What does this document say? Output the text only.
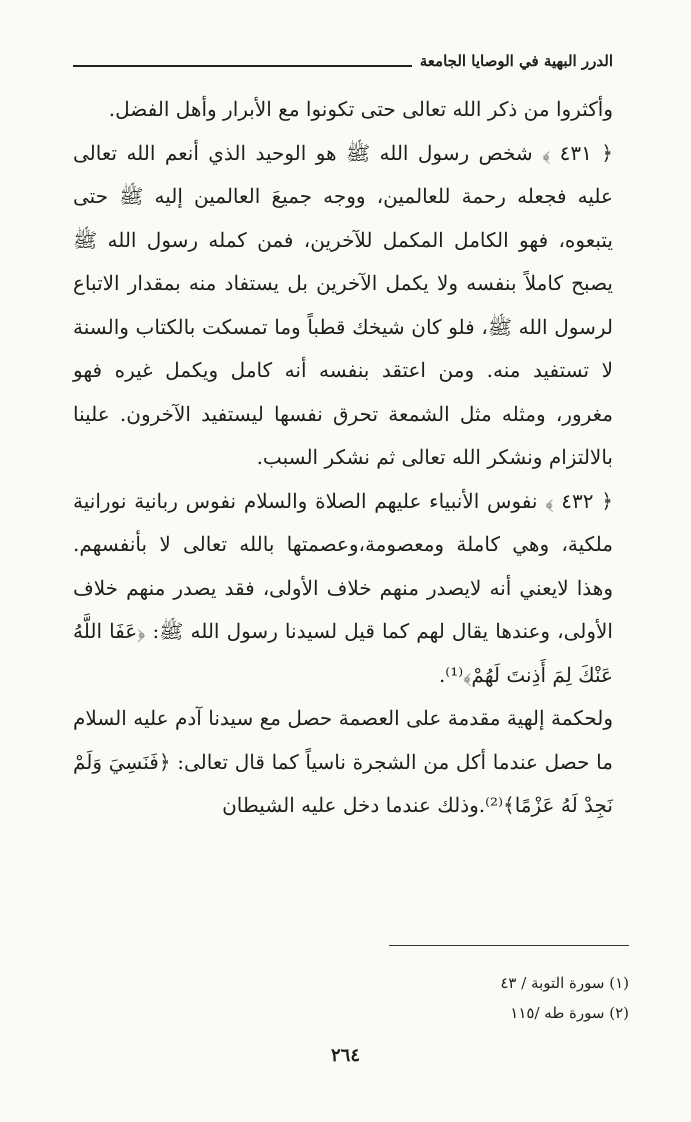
الدرر البهية في الوصايا الجامعة

وأكثروا من ذكر الله تعالى حتى تكونوا مع الأبرار وأهل الفضل.

﴿ ٤٣١ ﴾ شخص رسول الله ﷺ هو الوحيد الذي أنعم الله تعالى عليه فجعله رحمة للعالمين، ووجه جميعَ العالمين إليه ﷺ حتى يتبعوه، فهو الكامل المكمل للآخرين، فمن كمله رسول الله ﷺ يصبح كاملاً بنفسه ولا يكمل الآخرين بل يستفاد منه بمقدار الاتباع لرسول الله ﷺ، فلو كان شيخك قطباً وما تمسكت بالكتاب والسنة لا تستفيد منه. ومن اعتقد بنفسه أنه كامل ويكمل غيره فهو مغرور، ومثله مثل الشمعة تحرق نفسها ليستفيد الآخرون. علينا بالالتزام ونشكر الله تعالى ثم نشكر السبب.

﴿ ٤٣٢ ﴾ نفوس الأنبياء عليهم الصلاة والسلام نفوس ربانية نورانية ملكية، وهي كاملة ومعصومة،وعصمتها بالله تعالى لا بأنفسهم. وهذا لايعني أنه لايصدر منهم خلاف الأولى، فقد يصدر منهم خلاف الأولى، وعندها يقال لهم كما قيل لسيدنا رسول الله ﷺ: ﴿عَفَا اللَّهُ عَنْكَ لِمَ أَذِنتَ لَهُمْ﴾⁽¹⁾.

ولحكمة إلهية مقدمة على العصمة حصل مع سيدنا آدم عليه السلام ما حصل عندما أكل من الشجرة ناسياً كما قال تعالى: ﴿فَنَسِيَ وَلَمْ نَجِدْ لَهُ عَزْمًا﴾⁽²⁾.وذلك عندما دخل عليه الشيطان

(١) سورة التوبة / ٤٣

(٢) سورة طه /١١٥

٢٦٤
